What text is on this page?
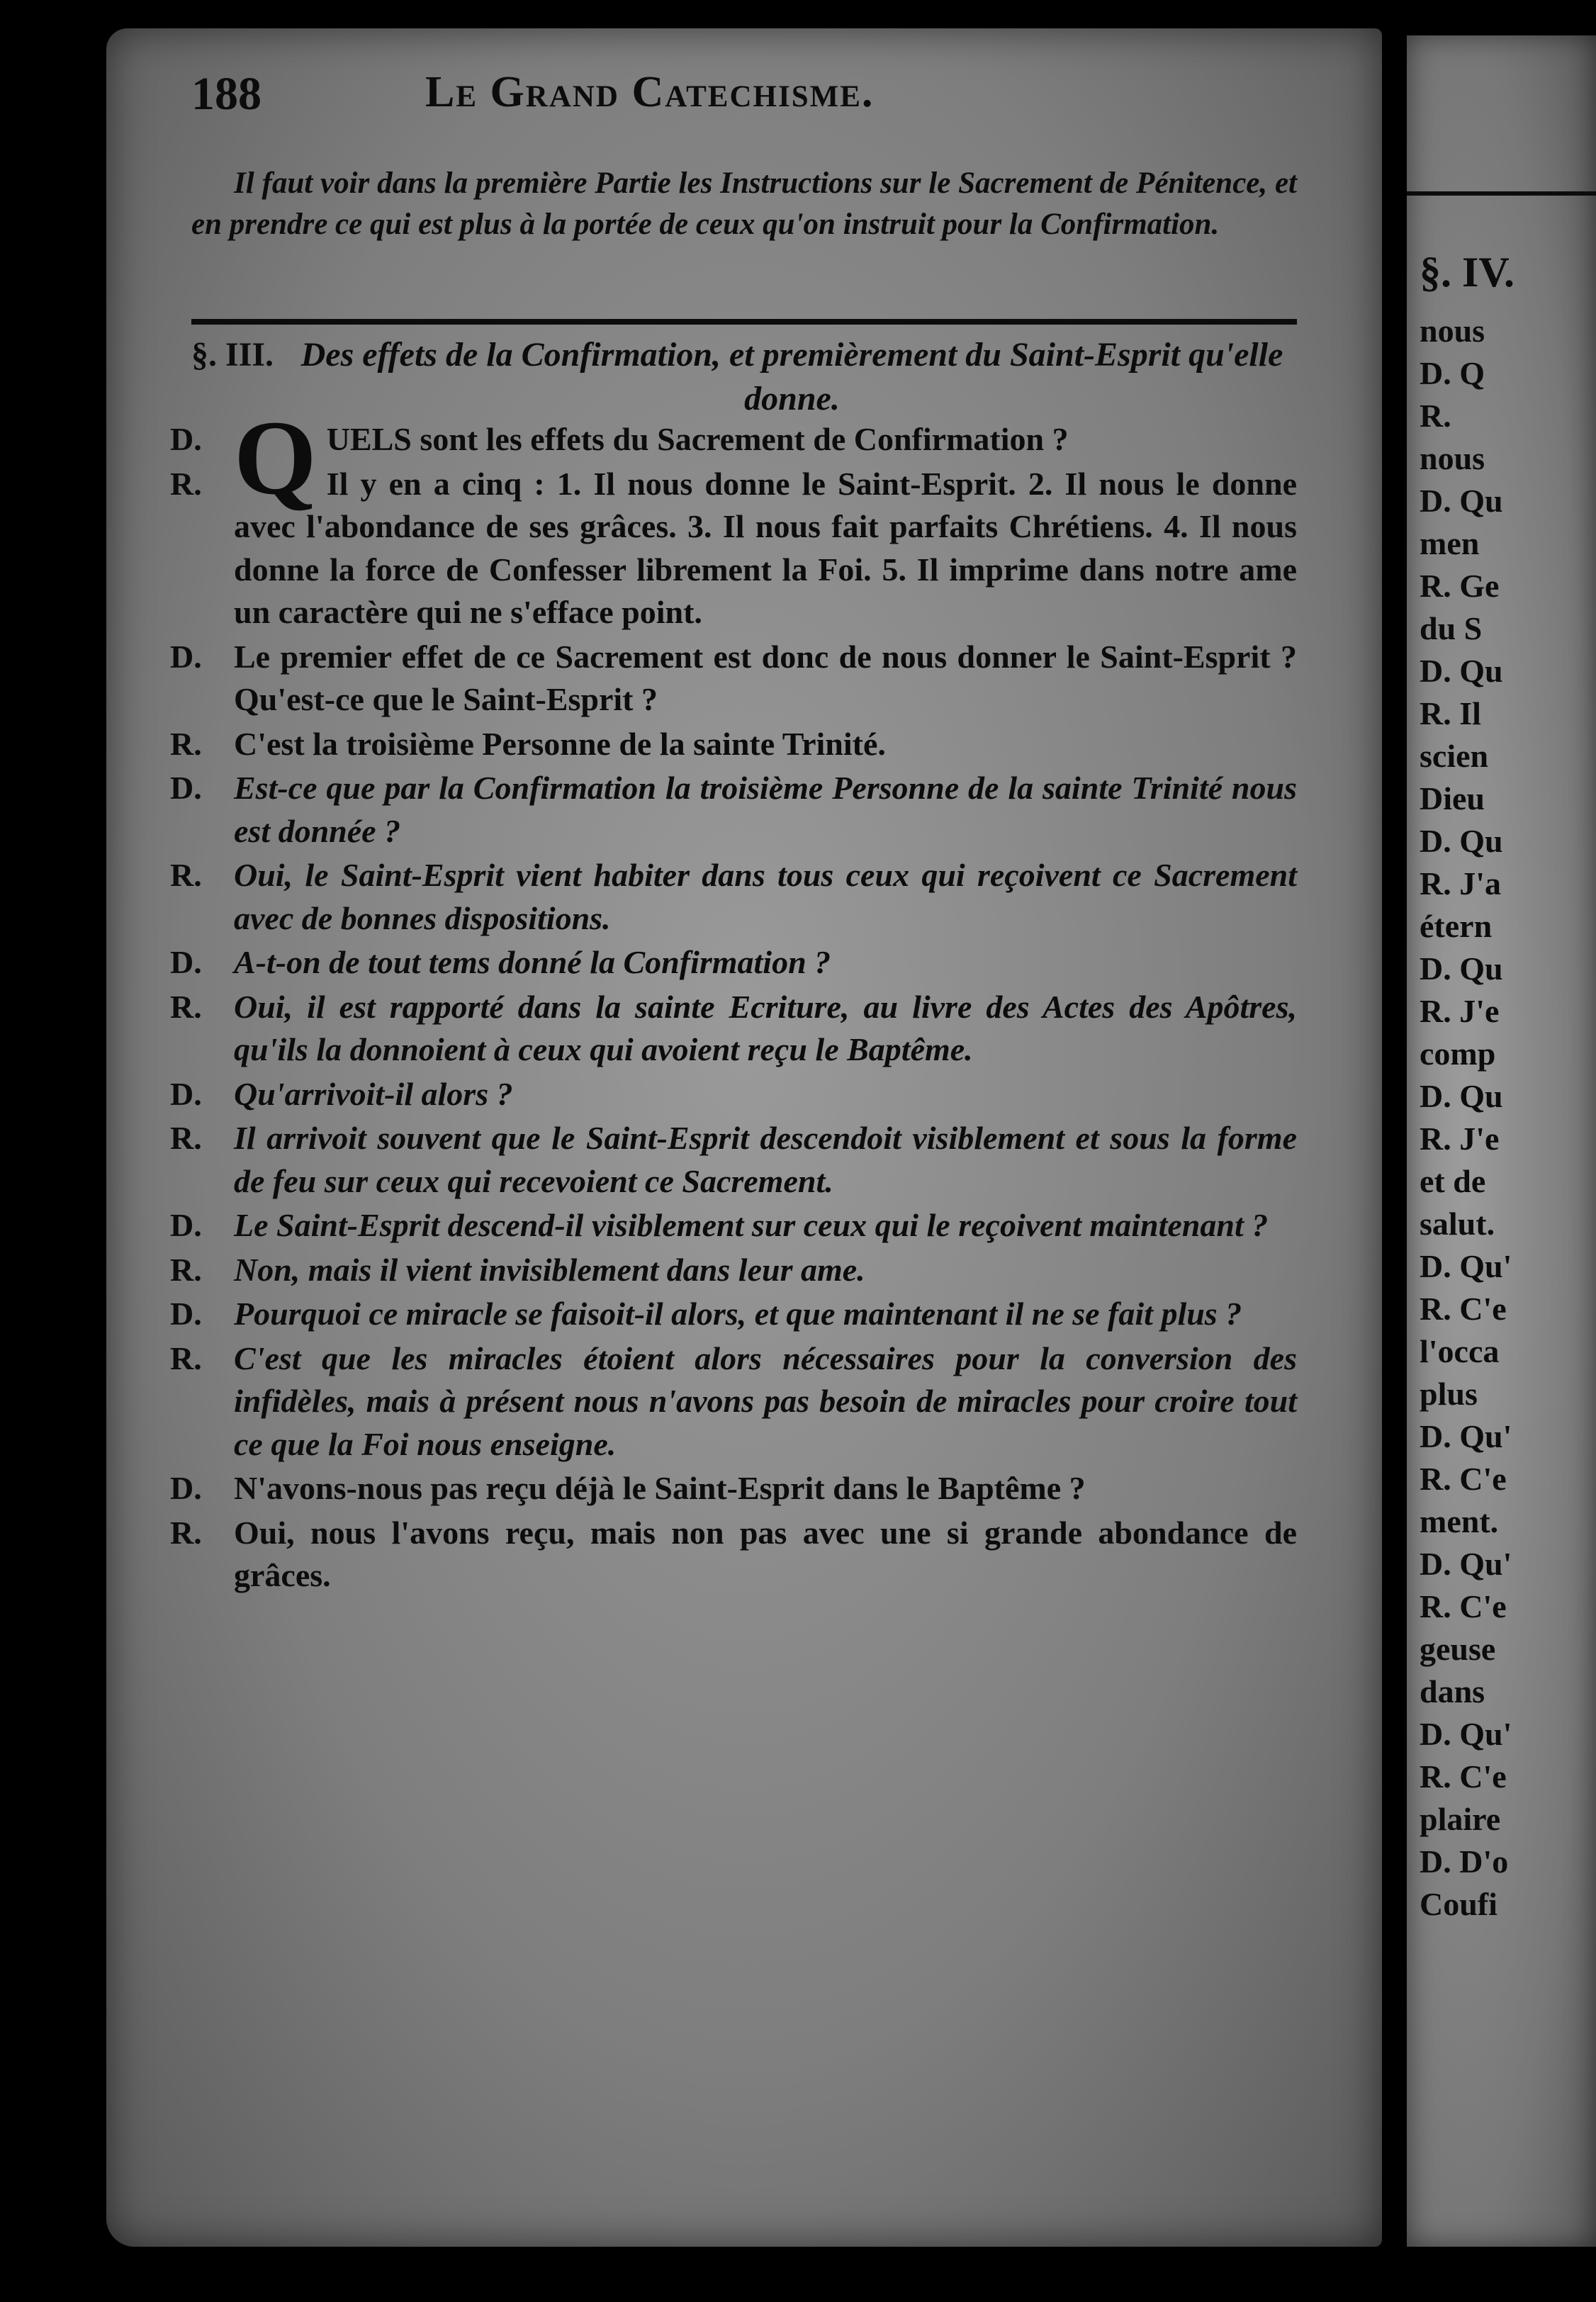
§. IV.
nous
D. Q
R.
nous
D. Qu
men
R. Ge
du S
D. Qu
R. Il
scien
Dieu
D. Qu
R. J'a
étern
D. Qu
R. J'e
comp
D. Qu
R. J'e
et de
salut.
D. Qu'
R. C'e
l'occa
plus
D. Qu'
R. C'e
ment.
D. Qu'
R. C'e
geuse
dans
D. Qu'
R. C'e
plaire
D. D'o
Coufi
188	Le Grand Catechisme.

Il faut voir dans la première Partie les Instructions sur le Sacrement de Pénitence, et en prendre ce qui est plus à la portée de ceux qu'on instruit pour la Confirmation.

§. III. Des effets de la Confirmation, et premièrement du Saint-Esprit qu'elle donne.
D. Q UELS sont les effets du Sacrement de Confirmation ?
R.	Il y en a cinq : 1. Il nous donne le Saint-Esprit. 2. Il nous le donne avec l'abondance de ses grâces. 3. Il nous fait parfaits Chrétiens. 4. Il nous donne la force de Confesser librement la Foi. 5. Il imprime dans notre ame un caractère qui ne s'efface point.
D. Le premier effet de ce Sacrement est donc de nous donner le Saint-Esprit ? Qu'est-ce que le Saint-Esprit ?
R. C'est la troisième Personne de la sainte Trinité.
D. Est-ce que par la Confirmation la troisième Personne de la sainte Trinité nous est donnée ?
R. Oui, le Saint-Esprit vient habiter dans tous ceux qui reçoivent ce Sacrement avec de bonnes dispositions.
D. A-t-on de tout tems donné la Confirmation ?
R. Oui, il est rapporté dans la sainte Ecriture, au livre des Actes des Apôtres, qu'ils la donnoient à ceux qui avoient reçu le Baptême.
D. Qu'arrivoit-il alors ?
R. Il arrivoit souvent que le Saint-Esprit descendoit visiblement et sous la forme de feu sur ceux qui recevoient ce Sacrement.
D. Le Saint-Esprit descend-il visiblement sur ceux qui le reçoivent maintenant ?
R. Non, mais il vient invisiblement dans leur ame.
D. Pourquoi ce miracle se faisoit-il alors, et que maintenant il ne se fait plus ?
R. C'est que les miracles étoient alors nécessaires pour la conversion des infidèles, mais à présent nous n'avons pas besoin de miracles pour croire tout ce que la Foi nous enseigne.
D. N'avons-nous pas reçu déjà le Saint-Esprit dans le Baptême ?
R. Oui, nous l'avons reçu, mais non pas avec une si grande abondance de grâces.
